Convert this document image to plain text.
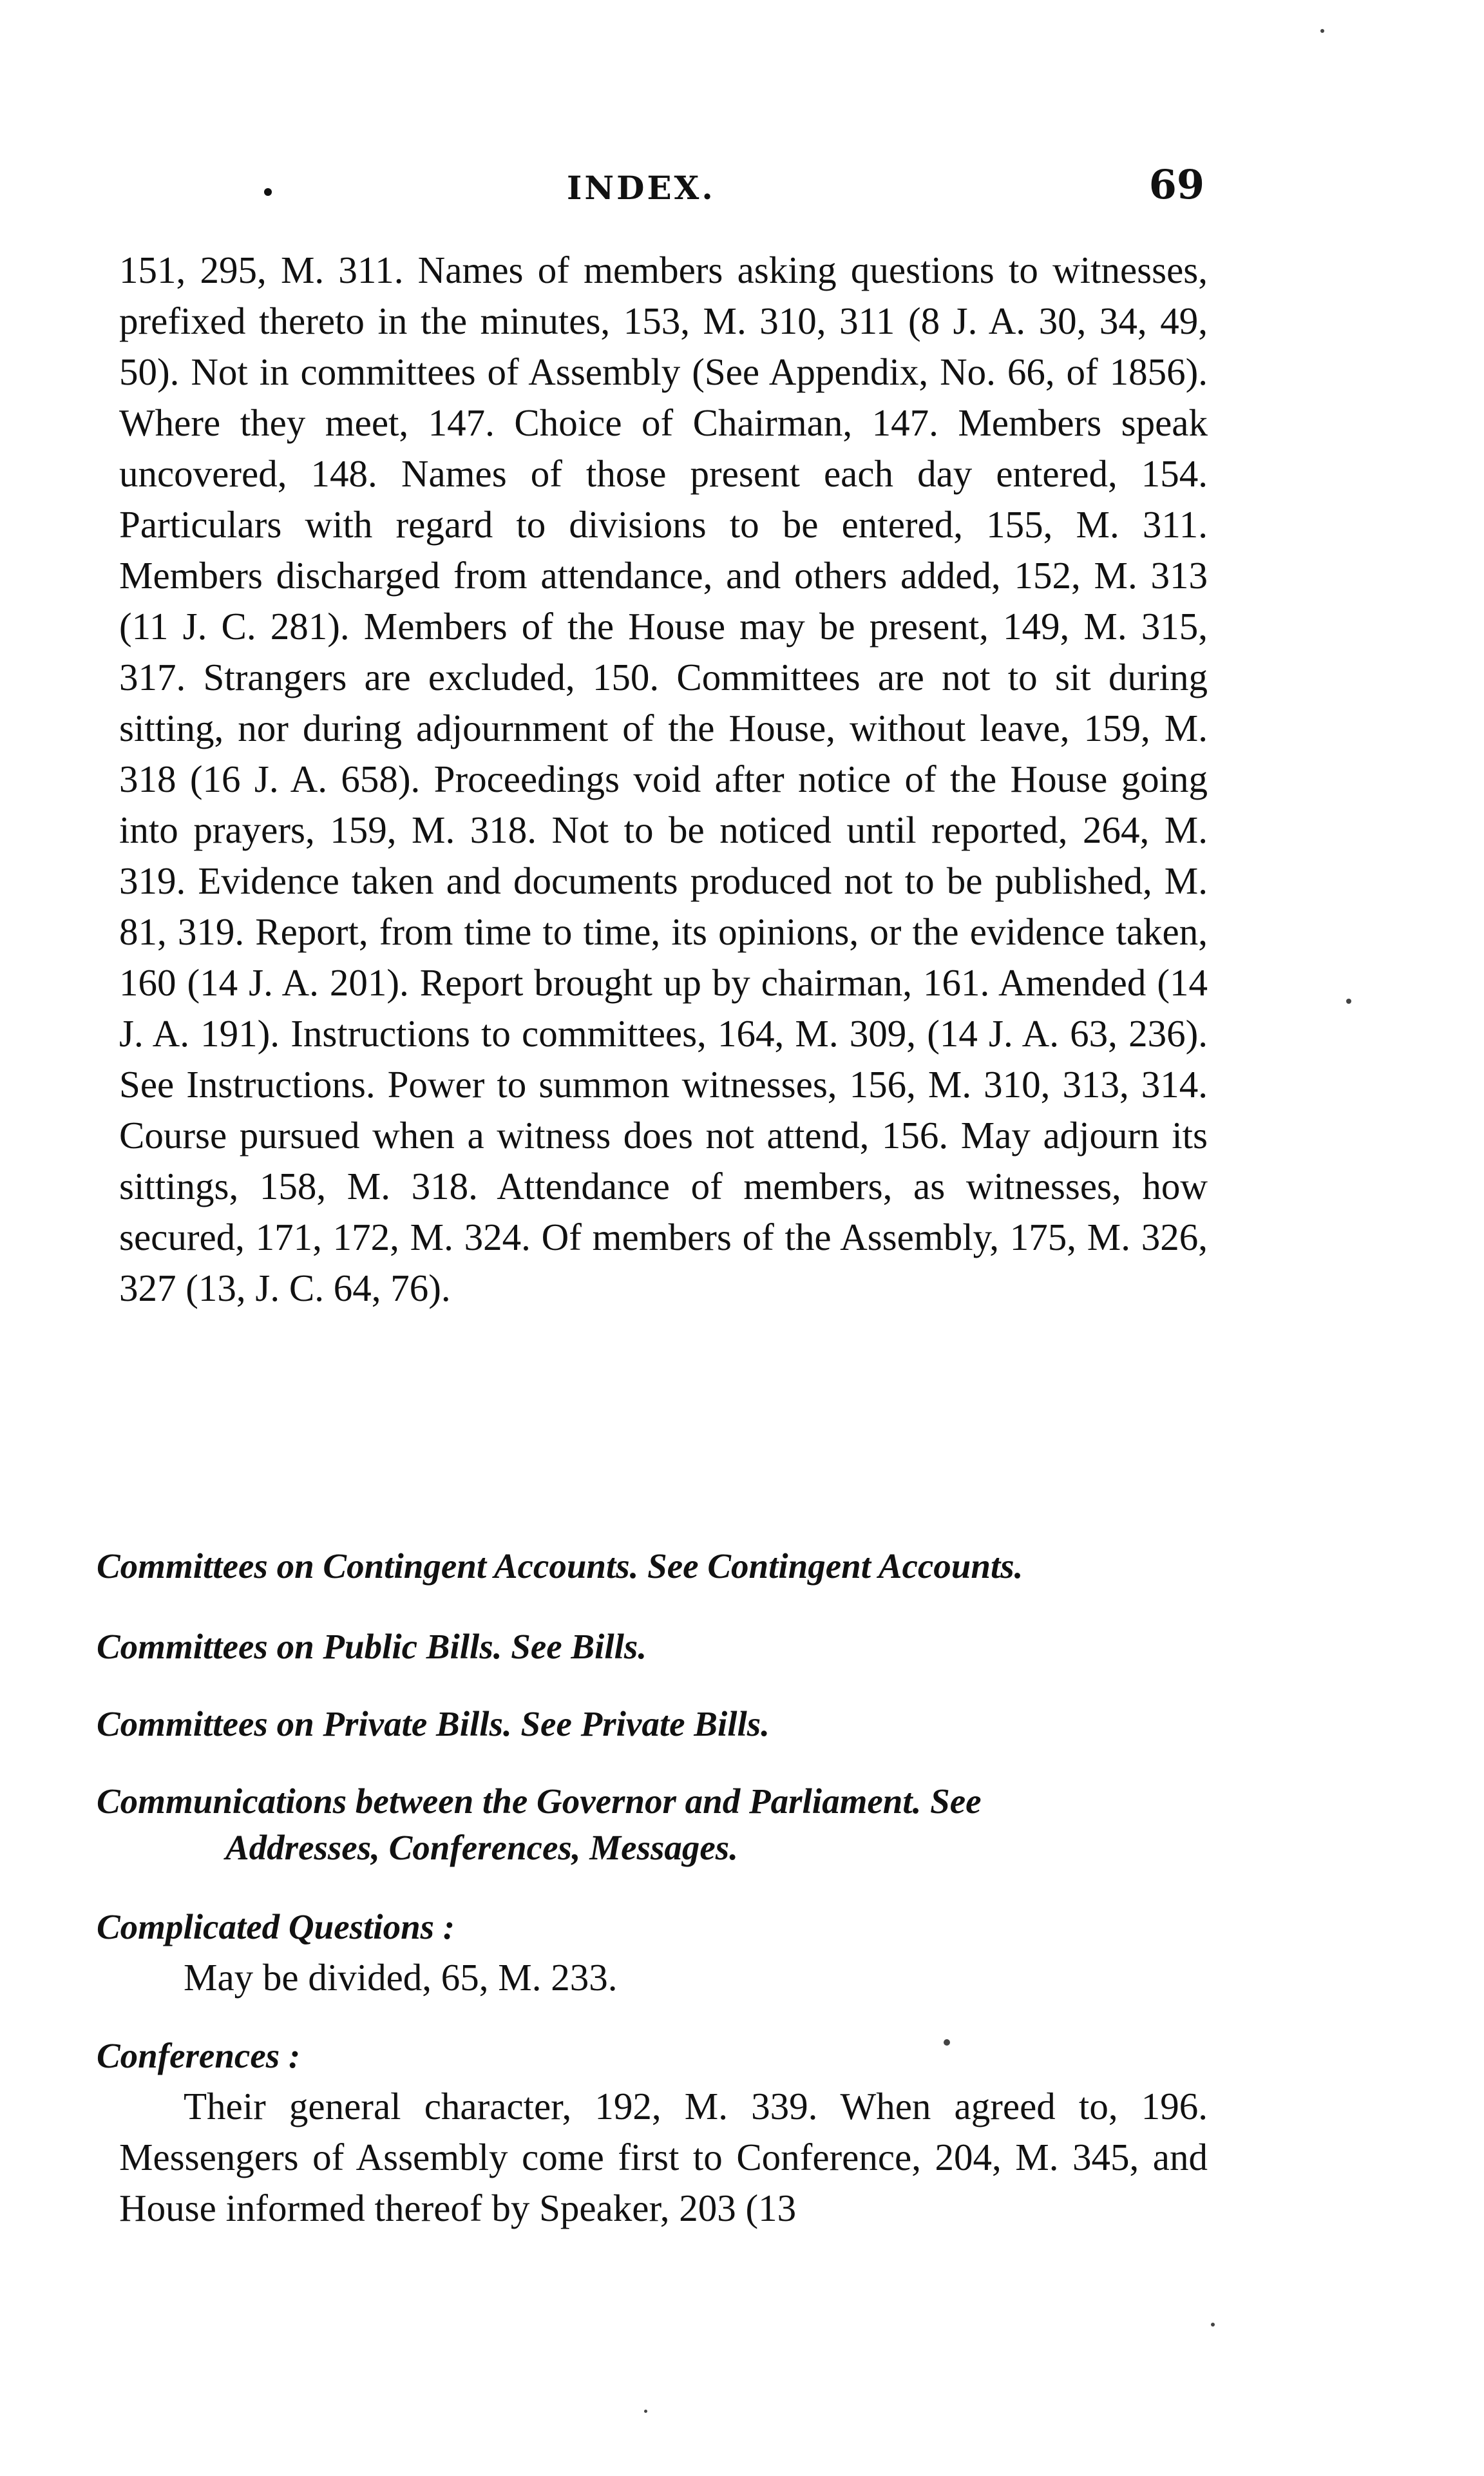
INDEX.	69
151, 295, M. 311. Names of members asking questions to witnesses, prefixed thereto in the minutes, 153, M. 310, 311 (8 J. A. 30, 34, 49, 50). Not in committees of Assembly (See Appendix, No. 66, of 1856). Where they meet, 147. Choice of Chairman, 147. Members speak uncovered, 148. Names of those present each day entered, 154. Particulars with regard to divisions to be entered, 155, M. 311. Members discharged from attendance, and others added, 152, M. 313 (11 J. C. 281). Members of the House may be present, 149, M. 315, 317. Strangers are excluded, 150. Committees are not to sit during sitting, nor during adjournment of the House, without leave, 159, M. 318 (16 J. A. 658). Proceedings void after notice of the House going into prayers, 159, M. 318. Not to be noticed until reported, 264, M. 319. Evidence taken and documents produced not to be published, M. 81, 319. Report, from time to time, its opinions, or the evidence taken, 160 (14 J. A. 201). Report brought up by chairman, 161. Amended (14 J. A. 191). Instructions to committees, 164, M. 309, (14 J. A. 63, 236). See Instructions. Power to summon witnesses, 156, M. 310, 313, 314. Course pursued when a witness does not attend, 156. May adjourn its sittings, 158, M. 318. Attendance of members, as witnesses, how secured, 171, 172, M. 324. Of members of the Assembly, 175, M. 326, 327 (13, J. C. 64, 76).
Committees on Contingent Accounts. See Contingent Accounts.
Committees on Public Bills. See Bills.
Committees on Private Bills. See Private Bills.
Communications between the Governor and Parliament. See
Addresses, Conferences, Messages.
Complicated Questions :
May be divided, 65, M. 233.
Conferences :
Their general character, 192, M. 339. When agreed to, 196. Messengers of Assembly come first to Conference, 204, M. 345, and House informed thereof by Speaker, 203 (13
